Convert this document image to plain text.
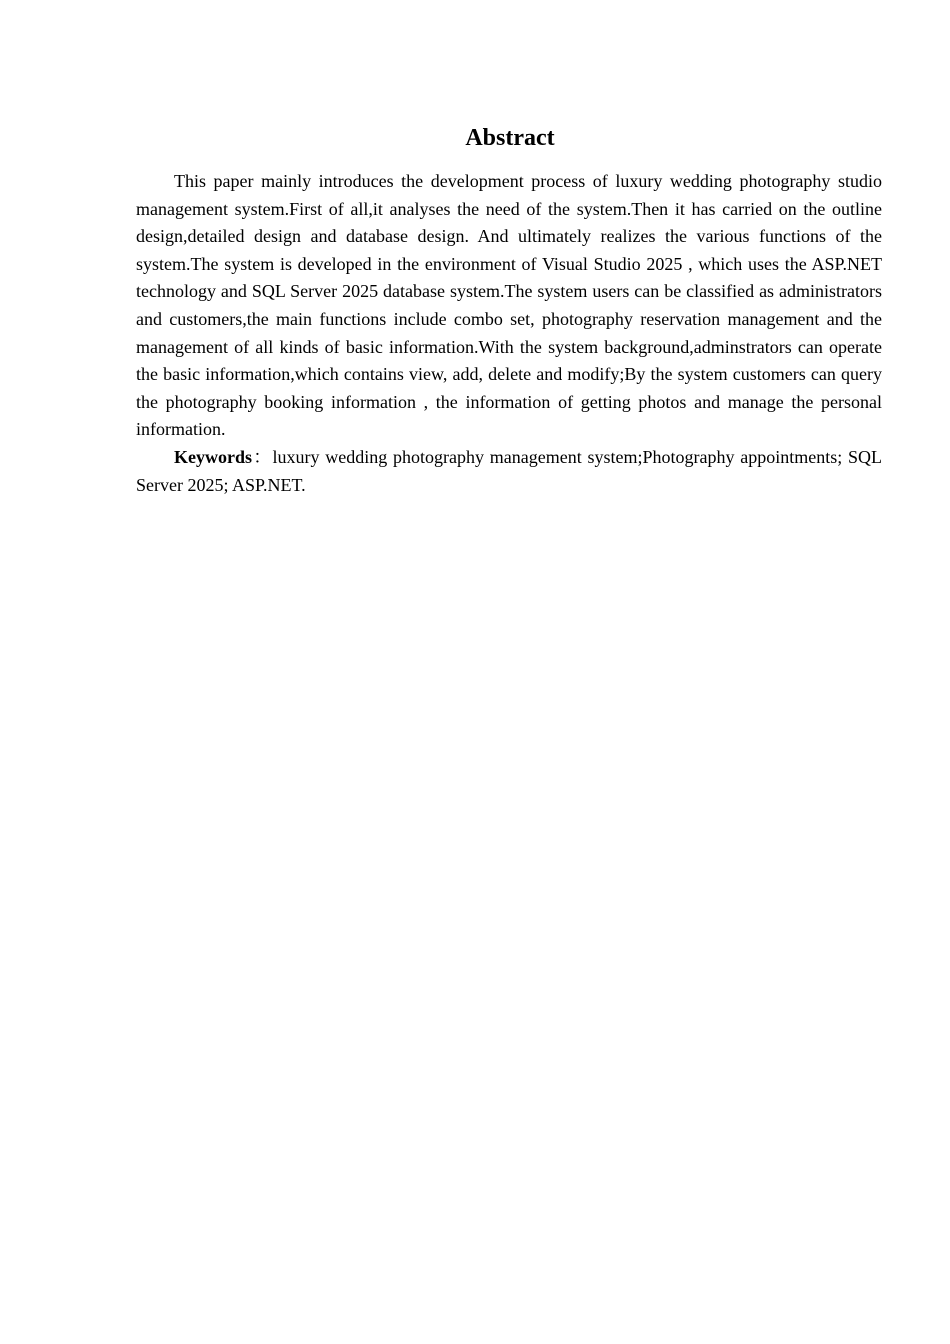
Abstract

This paper mainly introduces the development process of luxury wedding photography studio management system.First of all,it analyses the need of the system.Then it has carried on the outline design,detailed design and database design. And ultimately realizes the various functions of the system.The system is developed in the environment of Visual Studio 2025 , which uses the ASP.NET technology and SQL Server 2025 database system.The system users can be classified as administrators and customers,the main functions include combo set, photography reservation management and the management of all kinds of basic information.With the system background,adminstrators can operate the basic information,which contains view, add, delete and modify;By the system customers can query the photography booking information , the information of getting photos and manage the personal information.

Keywords：luxury wedding photography management system;Photography appointments; SQL Server 2025; ASP.NET.
